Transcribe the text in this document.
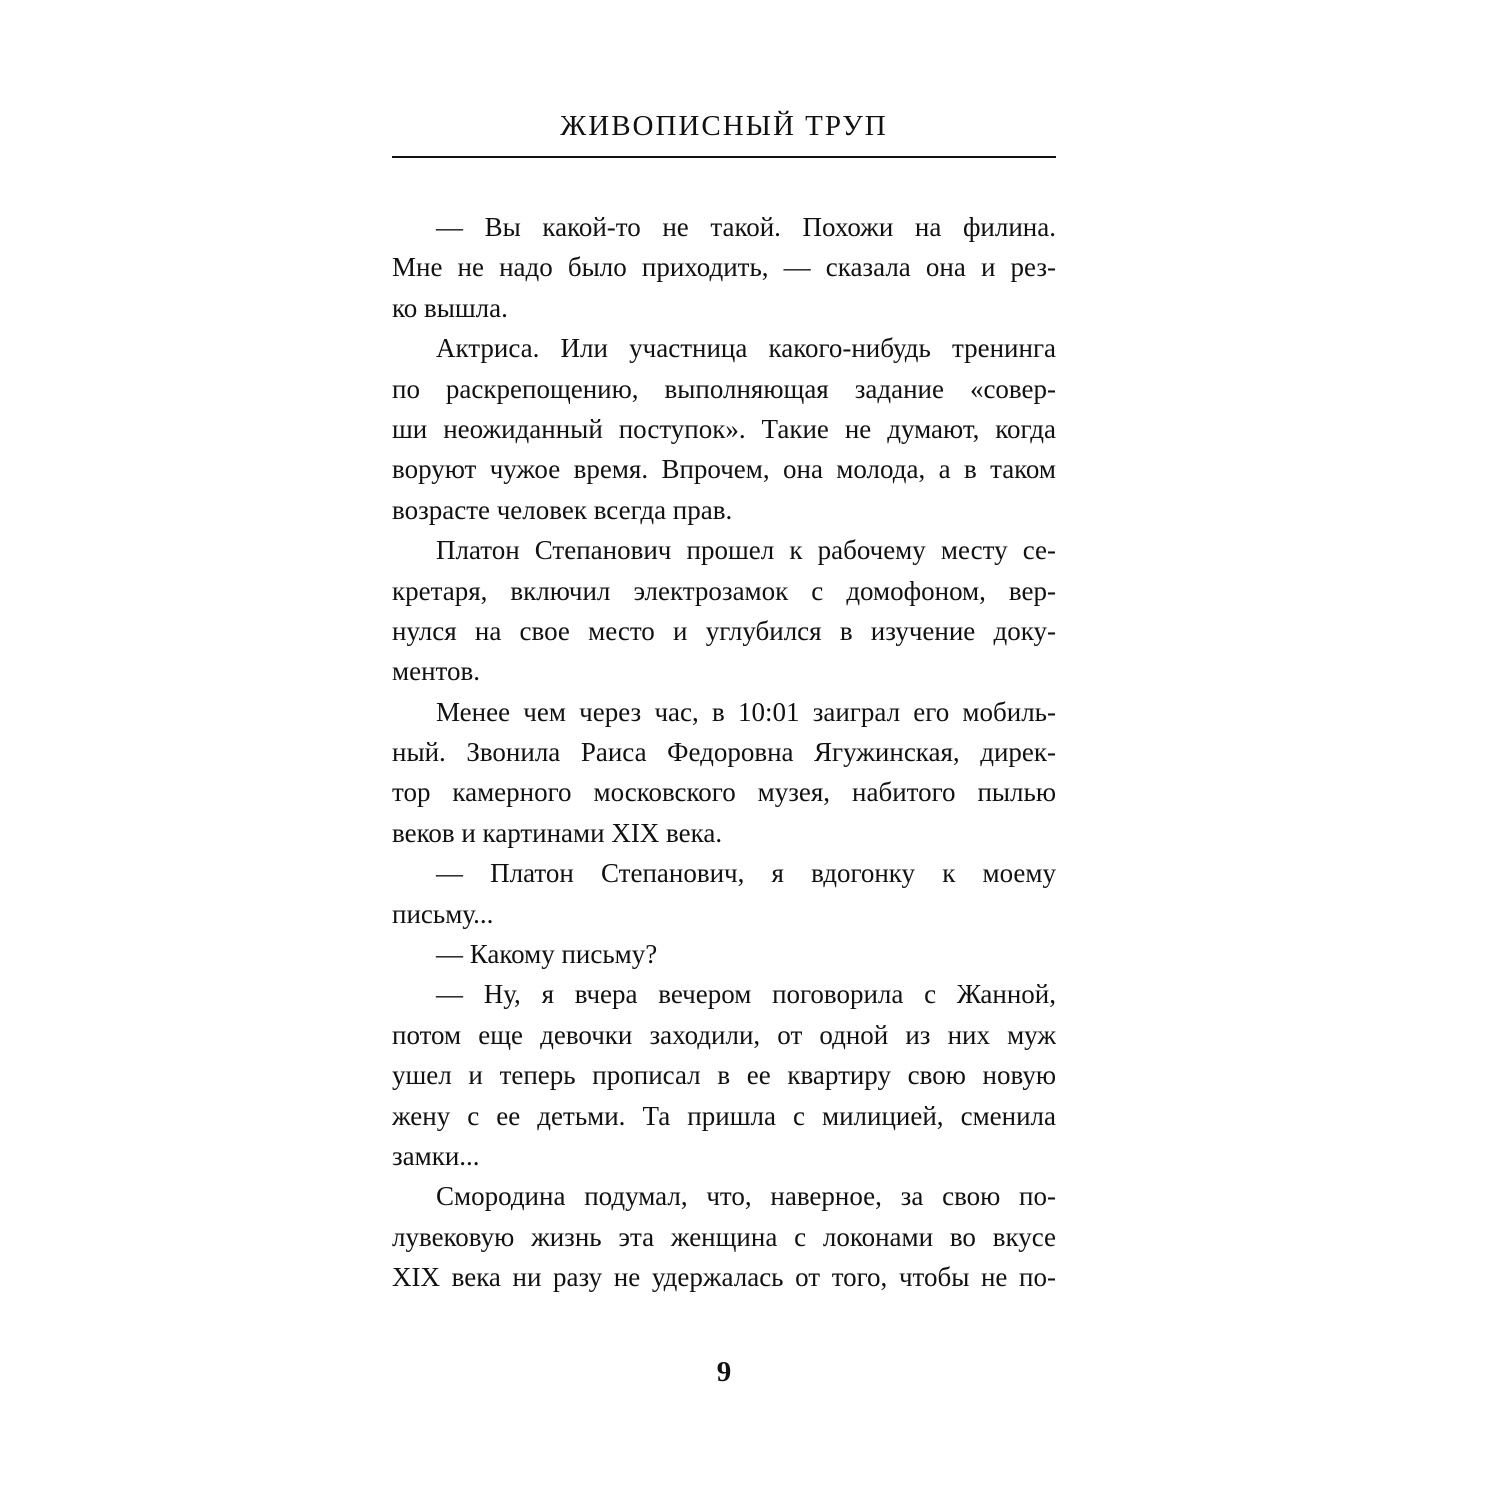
ЖИВОПИСНЫЙ ТРУП
— Вы какой-то не такой. Похожи на филина.
Мне не надо было приходить, — сказала она и рез-
ко вышла.
Актриса. Или участница какого-нибудь тренинга
по раскрепощению, выполняющая задание «совер-
ши неожиданный поступок». Такие не думают, когда
воруют чужое время. Впрочем, она молода, а в таком
возрасте человек всегда прав.
Платон Степанович прошел к рабочему месту се-
кретаря, включил электрозамок с домофоном, вер-
нулся на свое место и углубился в изучение доку-
ментов.
Менее чем через час, в 10:01 заиграл его мобиль-
ный. Звонила Раиса Федоровна Ягужинская, дирек-
тор камерного московского музея, набитого пылью
веков и картинами XIX века.
— Платон Степанович, я вдогонку к моему
письму...
— Какому письму?
— Ну, я вчера вечером поговорила с Жанной,
потом еще девочки заходили, от одной из них муж
ушел и теперь прописал в ее квартиру свою новую
жену с ее детьми. Та пришла с милицией, сменила
замки...
Смородина подумал, что, наверное, за свою по-
лувековую жизнь эта женщина с локонами во вкусе
XIX века ни разу не удержалась от того, чтобы не по-
9
